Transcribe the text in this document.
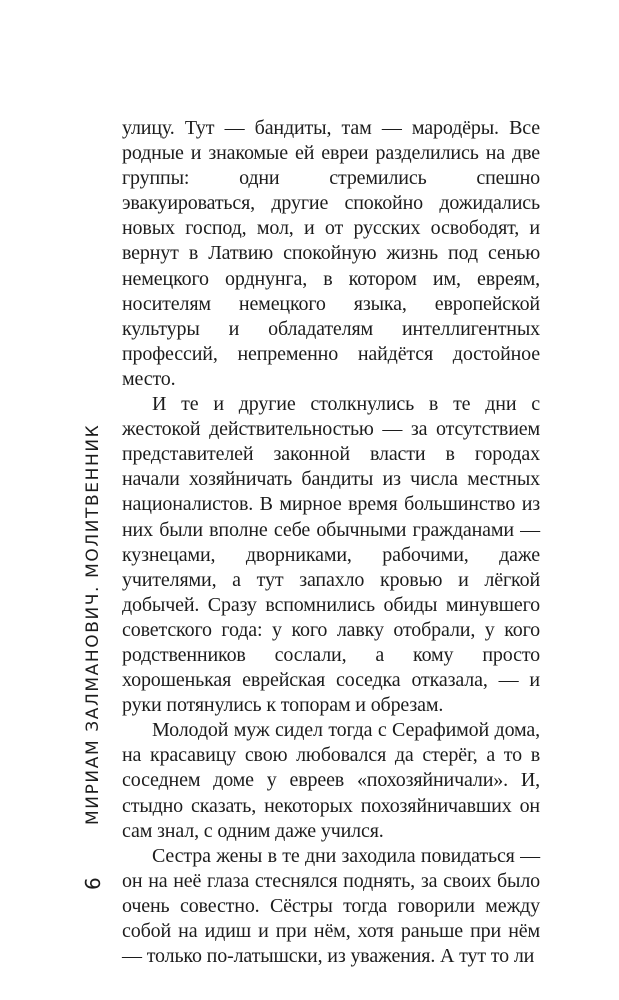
МИРИАМ ЗАЛМАНОВИЧ. МОЛИТВЕННИК
6

улицу. Тут — бандиты, там — мародёры. Все родные и знакомые ей евреи разделились на две группы: одни стремились спешно эвакуироваться, другие спокойно дожидались новых господ, мол, и от русских освободят, и вернут в Латвию спокойную жизнь под сенью немецкого орднунга, в котором им, евреям, носителям немецкого языка, европейской культуры и обладателям интеллигентных профессий, непременно найдётся достойное место.

И те и другие столкнулись в те дни с жестокой действительностью — за отсутствием представителей законной власти в городах начали хозяйничать бандиты из числа местных националистов. В мирное время большинство из них были вполне себе обычными гражданами — кузнецами, дворниками, рабочими, даже учителями, а тут запахло кровью и лёгкой добычей. Сразу вспомнились обиды минувшего советского года: у кого лавку отобрали, у кого родственников сослали, а кому просто хорошенькая еврейская соседка отказала, — и руки потянулись к топорам и обрезам.

Молодой муж сидел тогда с Серафимой дома, на красавицу свою любовался да стерёг, а то в соседнем доме у евреев «похозяйничали». И, стыдно сказать, некоторых похозяйничавших он сам знал, с одним даже учился.

Сестра жены в те дни заходила повидаться — он на неё глаза стеснялся поднять, за своих было очень совестно. Сёстры тогда говорили между собой на идиш и при нём, хотя раньше при нём — только по-латышски, из уважения. А тут то ли
